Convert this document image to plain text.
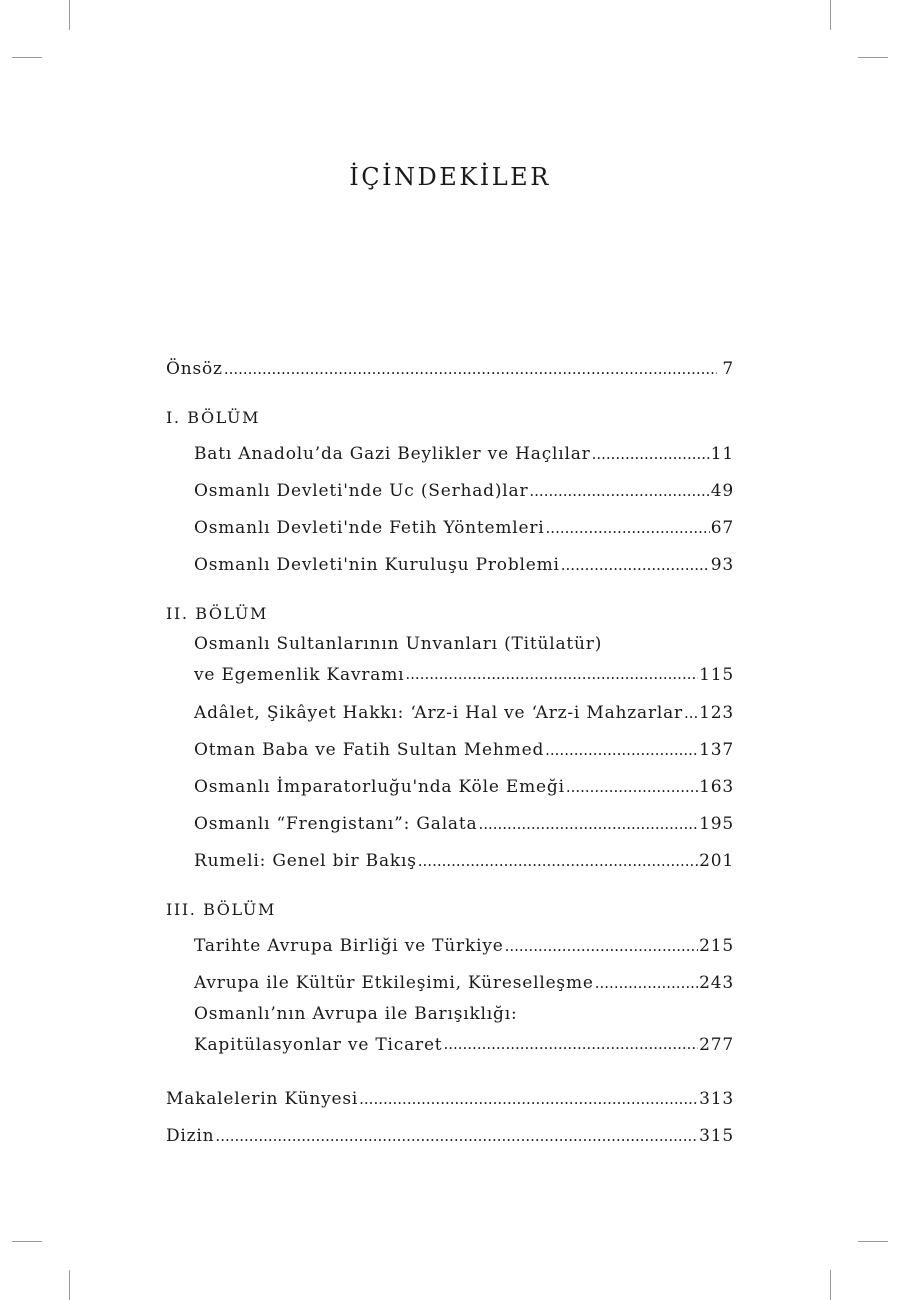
İÇİNDEKİLER
Önsöz .....	7
I. BÖLÜM
Batı Anadolu’da Gazi Beylikler ve Haçlılar .....	11
Osmanlı Devleti'nde Uc (Serhad)lar .....	49
Osmanlı Devleti'nde Fetih Yöntemleri .....	67
Osmanlı Devleti'nin Kuruluşu Problemi .....	93
II. BÖLÜM
Osmanlı Sultanlarının Unvanları (Titülatür)
ve Egemenlik Kavramı .....	115
Adâlet, Şikâyet Hakkı: ‘Arz-i Hal ve ‘Arz-i Mahzarlar ..... 123
Otman Baba ve Fatih Sultan Mehmed .....	137
Osmanlı İmparatorluğu'nda Köle Emeği .....	163
Osmanlı “Frengistanı”: Galata .....	195
Rumeli: Genel bir Bakış .....	201
III. BÖLÜM
Tarihte Avrupa Birliği ve Türkiye .....	215
Avrupa ile Kültür Etkileşimi, Küreselleşme .....	243
Osmanlı’nın Avrupa ile Barışıklığı:
Kapitülasyonlar ve Ticaret .....	277
Makalelerin Künyesi .....	313
Dizin .....	315
